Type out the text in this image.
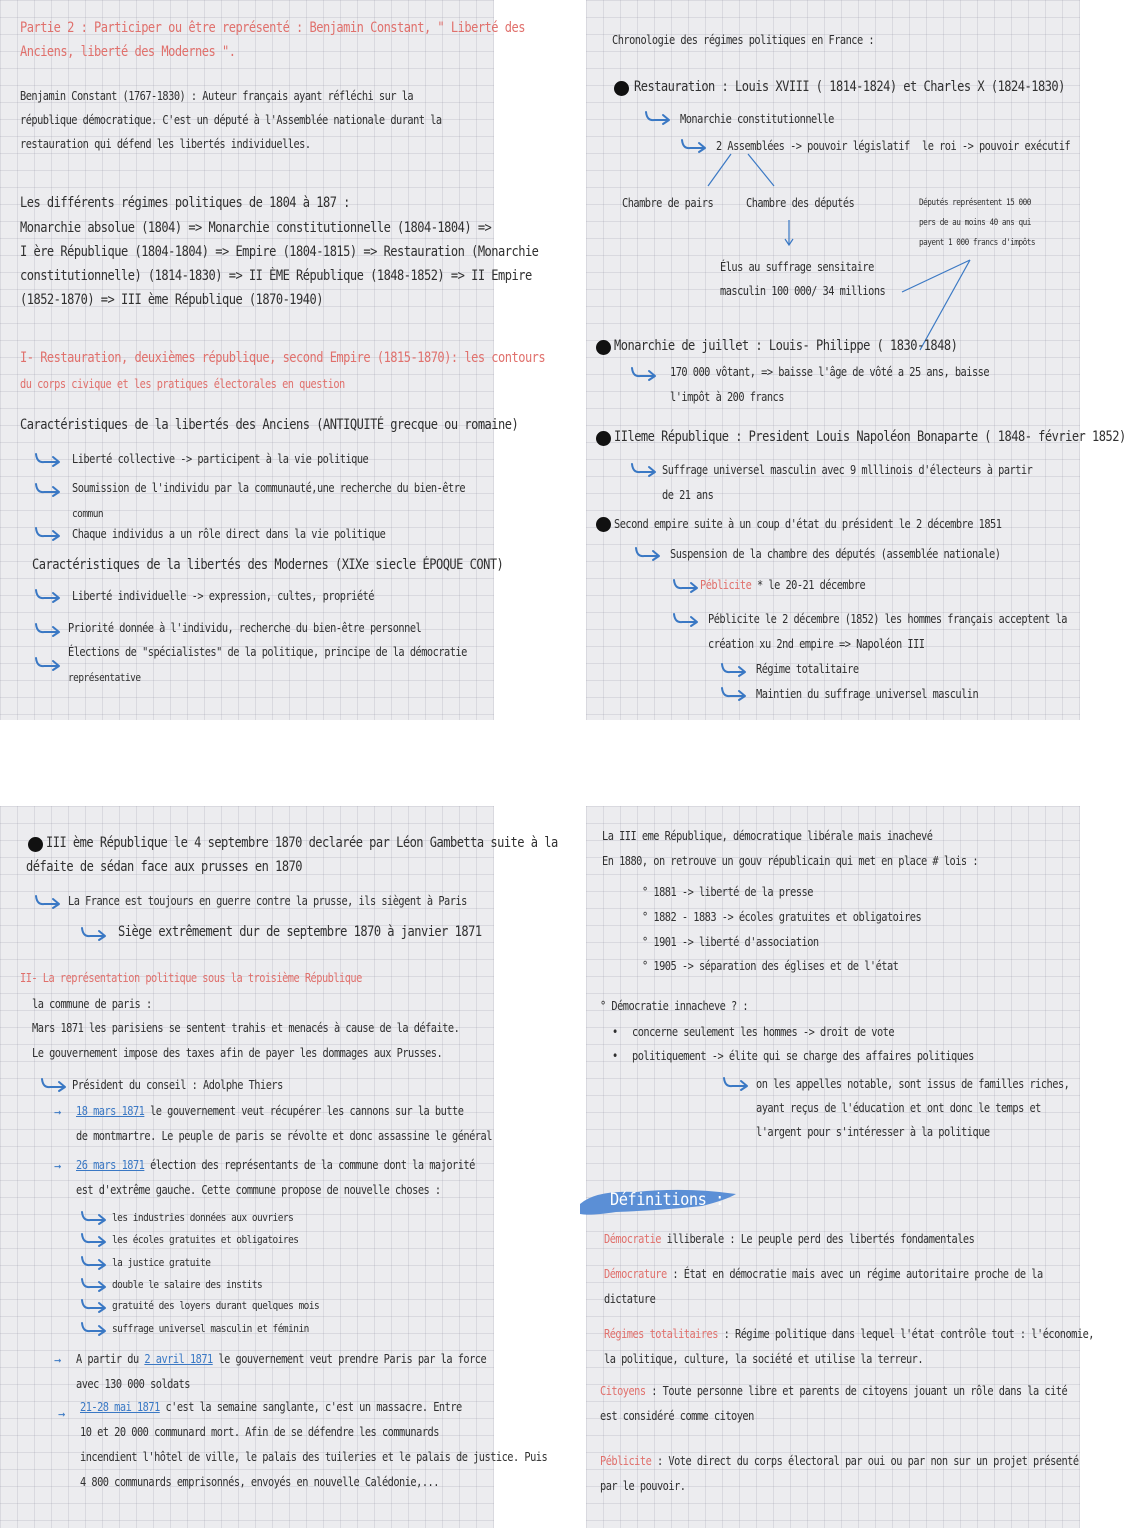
Partie 2 : Participer ou être représenté : Benjamin Constant, " Liberté des
Anciens, liberté des Modernes ".
Benjamin Constant (1767-1830) : Auteur français ayant réfléchi sur la
république démocratique. C'est un député à l'Assemblée nationale durant la
restauration qui défend les libertés individuelles.
Les différents régimes politiques de 1804 à 187 :
Monarchie absolue (1804) => Monarchie constitutionnelle (1804-1804) =>
I ère République (1804-1804) => Empire (1804-1815) => Restauration (Monarchie
constitutionnelle) (1814-1830) => II ÈME République (1848-1852) => II Empire
(1852-1870) => III ème République (1870-1940)
I- Restauration, deuxièmes république, second Empire (1815-1870): les contours
du corps civique et les pratiques électorales en question
Caractéristiques de la libertés des Anciens (ANTIQUITÉ grecque ou romaine)
Liberté collective -> participent à la vie politique
Soumission de l'individu par la communauté,une recherche du bien-être
commun
Chaque individus a un rôle direct dans la vie politique
Caractéristiques de la libertés des Modernes (XIXe siecle ÉPOQUE CONT)
Liberté individuelle -> expression, cultes, propriété
Priorité donnée à l'individu, recherche du bien-être personnel
Élections de "spécialistes" de la politique, principe de la démocratie
représentative
Chronologie des régimes politiques en France :
Restauration : Louis XVIII ( 1814-1824) et Charles X (1824-1830)
Monarchie constitutionnelle
2 Assemblées -> pouvoir législatif le roi -> pouvoir exécutif
Chambre de pairs	Chambre des députés	Députés représentent 15 000
pers de au moins 40 ans qui
payent 1 000 francs d'impôts
Élus au suffrage sensitaire
masculin 100 000/ 34 millions
Monarchie de juillet : Louis- Philippe ( 1830-1848)
170 000 vôtant, => baisse l'âge de vôté a 25 ans, baisse
l'impôt à 200 francs
IIleme République : President Louis Napoléon Bonaparte ( 1848- février 1852)
Suffrage universel masculin avec 9 mlllinois d'électeurs à partir
de 21 ans
Second empire suite à un coup d'état du président le 2 décembre 1851
Suspension de la chambre des députés (assemblée nationale)
Péblicite * le 20-21 décembre
Péblicite le 2 décembre (1852) les hommes français acceptent la
création xu 2nd empire => Napoléon III
Régime totalitaire
Maintien du suffrage universel masculin
III ème République le 4 septembre 1870 declarée par Léon Gambetta suite à la
défaite de sédan face aux prusses en 1870
La France est toujours en guerre contre la prusse, ils siègent à Paris
Siège extrêmement dur de septembre 1870 à janvier 1871
II- La représentation politique sous la troisième République
la commune de paris :
Mars 1871 les parisiens se sentent trahis et menacés à cause de la défaite.
Le gouvernement impose des taxes afin de payer les dommages aux Prusses.
Président du conseil : Adolphe Thiers
→ 18 mars 1871 le gouvernement veut récupérer les cannons sur la butte
de montmartre. Le peuple de paris se révolte et donc assassine le général
→ 26 mars 1871 élection des représentants de la commune dont la majorité
est d'extrême gauche. Cette commune propose de nouvelle choses :
les industries données aux ouvriers
les écoles gratuites et obligatoires
la justice gratuite
double le salaire des instits
gratuité des loyers durant quelques mois
suffrage universel masculin et féminin
→ A partir du 2 avril 1871 le gouvernement veut prendre Paris par la force
avec 130 000 soldats
→ 21-28 mai 1871 c'est la semaine sanglante, c'est un massacre. Entre
10 et 20 000 communard mort. Afin de se défendre les communards
incendient l'hôtel de ville, le palais des tuileries et le palais de justice. Puis
4 800 communards emprisonnés, envoyés en nouvelle Calédonie,...
La III eme République, démocratique libérale mais inachevé
En 1880, on retrouve un gouv républicain qui met en place # lois :
° 1881 -> liberté de la presse
° 1882 - 1883 -> écoles gratuites et obligatoires
° 1901 -> liberté d'association
° 1905 -> séparation des églises et de l'état
° Démocratie innacheve ? :
• concerne seulement les hommes -> droit de vote
• politiquement -> élite qui se charge des affaires politiques
on les appelles notable, sont issus de familles riches,
ayant reçus de l'éducation et ont donc le temps et
l'argent pour s'intéresser à la politique
Définitions :
Démocratie illiberale : Le peuple perd des libertés fondamentales
Démocrature : État en démocratie mais avec un régime autoritaire proche de la
dictature
Régimes totalitaires : Régime politique dans lequel l'état contrôle tout : l'économie,
la politique, culture, la société et utilise la terreur.
Citoyens : Toute personne libre et parents de citoyens jouant un rôle dans la cité
est considéré comme citoyen
Péblicite : Vote direct du corps électoral par oui ou par non sur un projet présenté
par le pouvoir.
